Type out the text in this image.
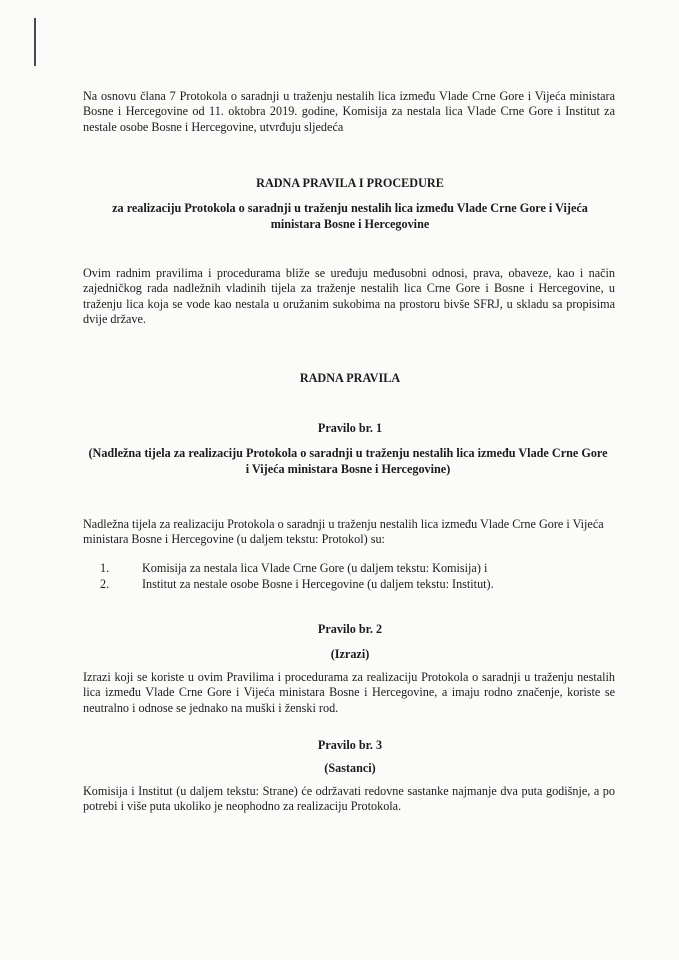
Na osnovu člana 7 Protokola o saradnji u traženju nestalih lica između Vlade Crne Gore i Vijeća ministara Bosne i Hercegovine od 11. oktobra 2019. godine, Komisija za nestala lica Vlade Crne Gore i Institut za nestale osobe Bosne i Hercegovine, utvrđuju sljedeća
RADNA PRAVILA I PROCEDURE
za realizaciju Protokola o saradnji u traženju nestalih lica između Vlade Crne Gore i Vijeća ministara Bosne i Hercegovine
Ovim radnim pravilima i procedurama bliže se uređuju međusobni odnosi, prava, obaveze, kao i način zajedničkog rada nadležnih vladinih tijela za traženje nestalih lica Crne Gore i Bosne i Hercegovine, u traženju lica koja se vode kao nestala u oružanim sukobima na prostoru bivše SFRJ, u skladu sa propisima dvije države.
RADNA PRAVILA
Pravilo br. 1
(Nadležna tijela za realizaciju Protokola o saradnji u traženju nestalih lica između Vlade Crne Gore i Vijeća ministara Bosne i Hercegovine)
Nadležna tijela za realizaciju Protokola o saradnji u traženju nestalih lica između Vlade Crne Gore i Vijeća ministara Bosne i Hercegovine (u daljem tekstu: Protokol) su:
1.	Komisija za nestala lica Vlade Crne Gore (u daljem tekstu: Komisija) i
2.	Institut za nestale osobe Bosne i Hercegovine (u daljem tekstu: Institut).
Pravilo br. 2
(Izrazi)
Izrazi koji se koriste u ovim Pravilima i procedurama za realizaciju Protokola o saradnji u traženju nestalih lica između Vlade Crne Gore i Vijeća ministara Bosne i Hercegovine, a imaju rodno značenje, koriste se neutralno i odnose se jednako na muški i ženski rod.
Pravilo br. 3
(Sastanci)
Komisija i Institut (u daljem tekstu: Strane) će održavati redovne sastanke najmanje dva puta godišnje, a po potrebi i više puta ukoliko je neophodno za realizaciju Protokola.
